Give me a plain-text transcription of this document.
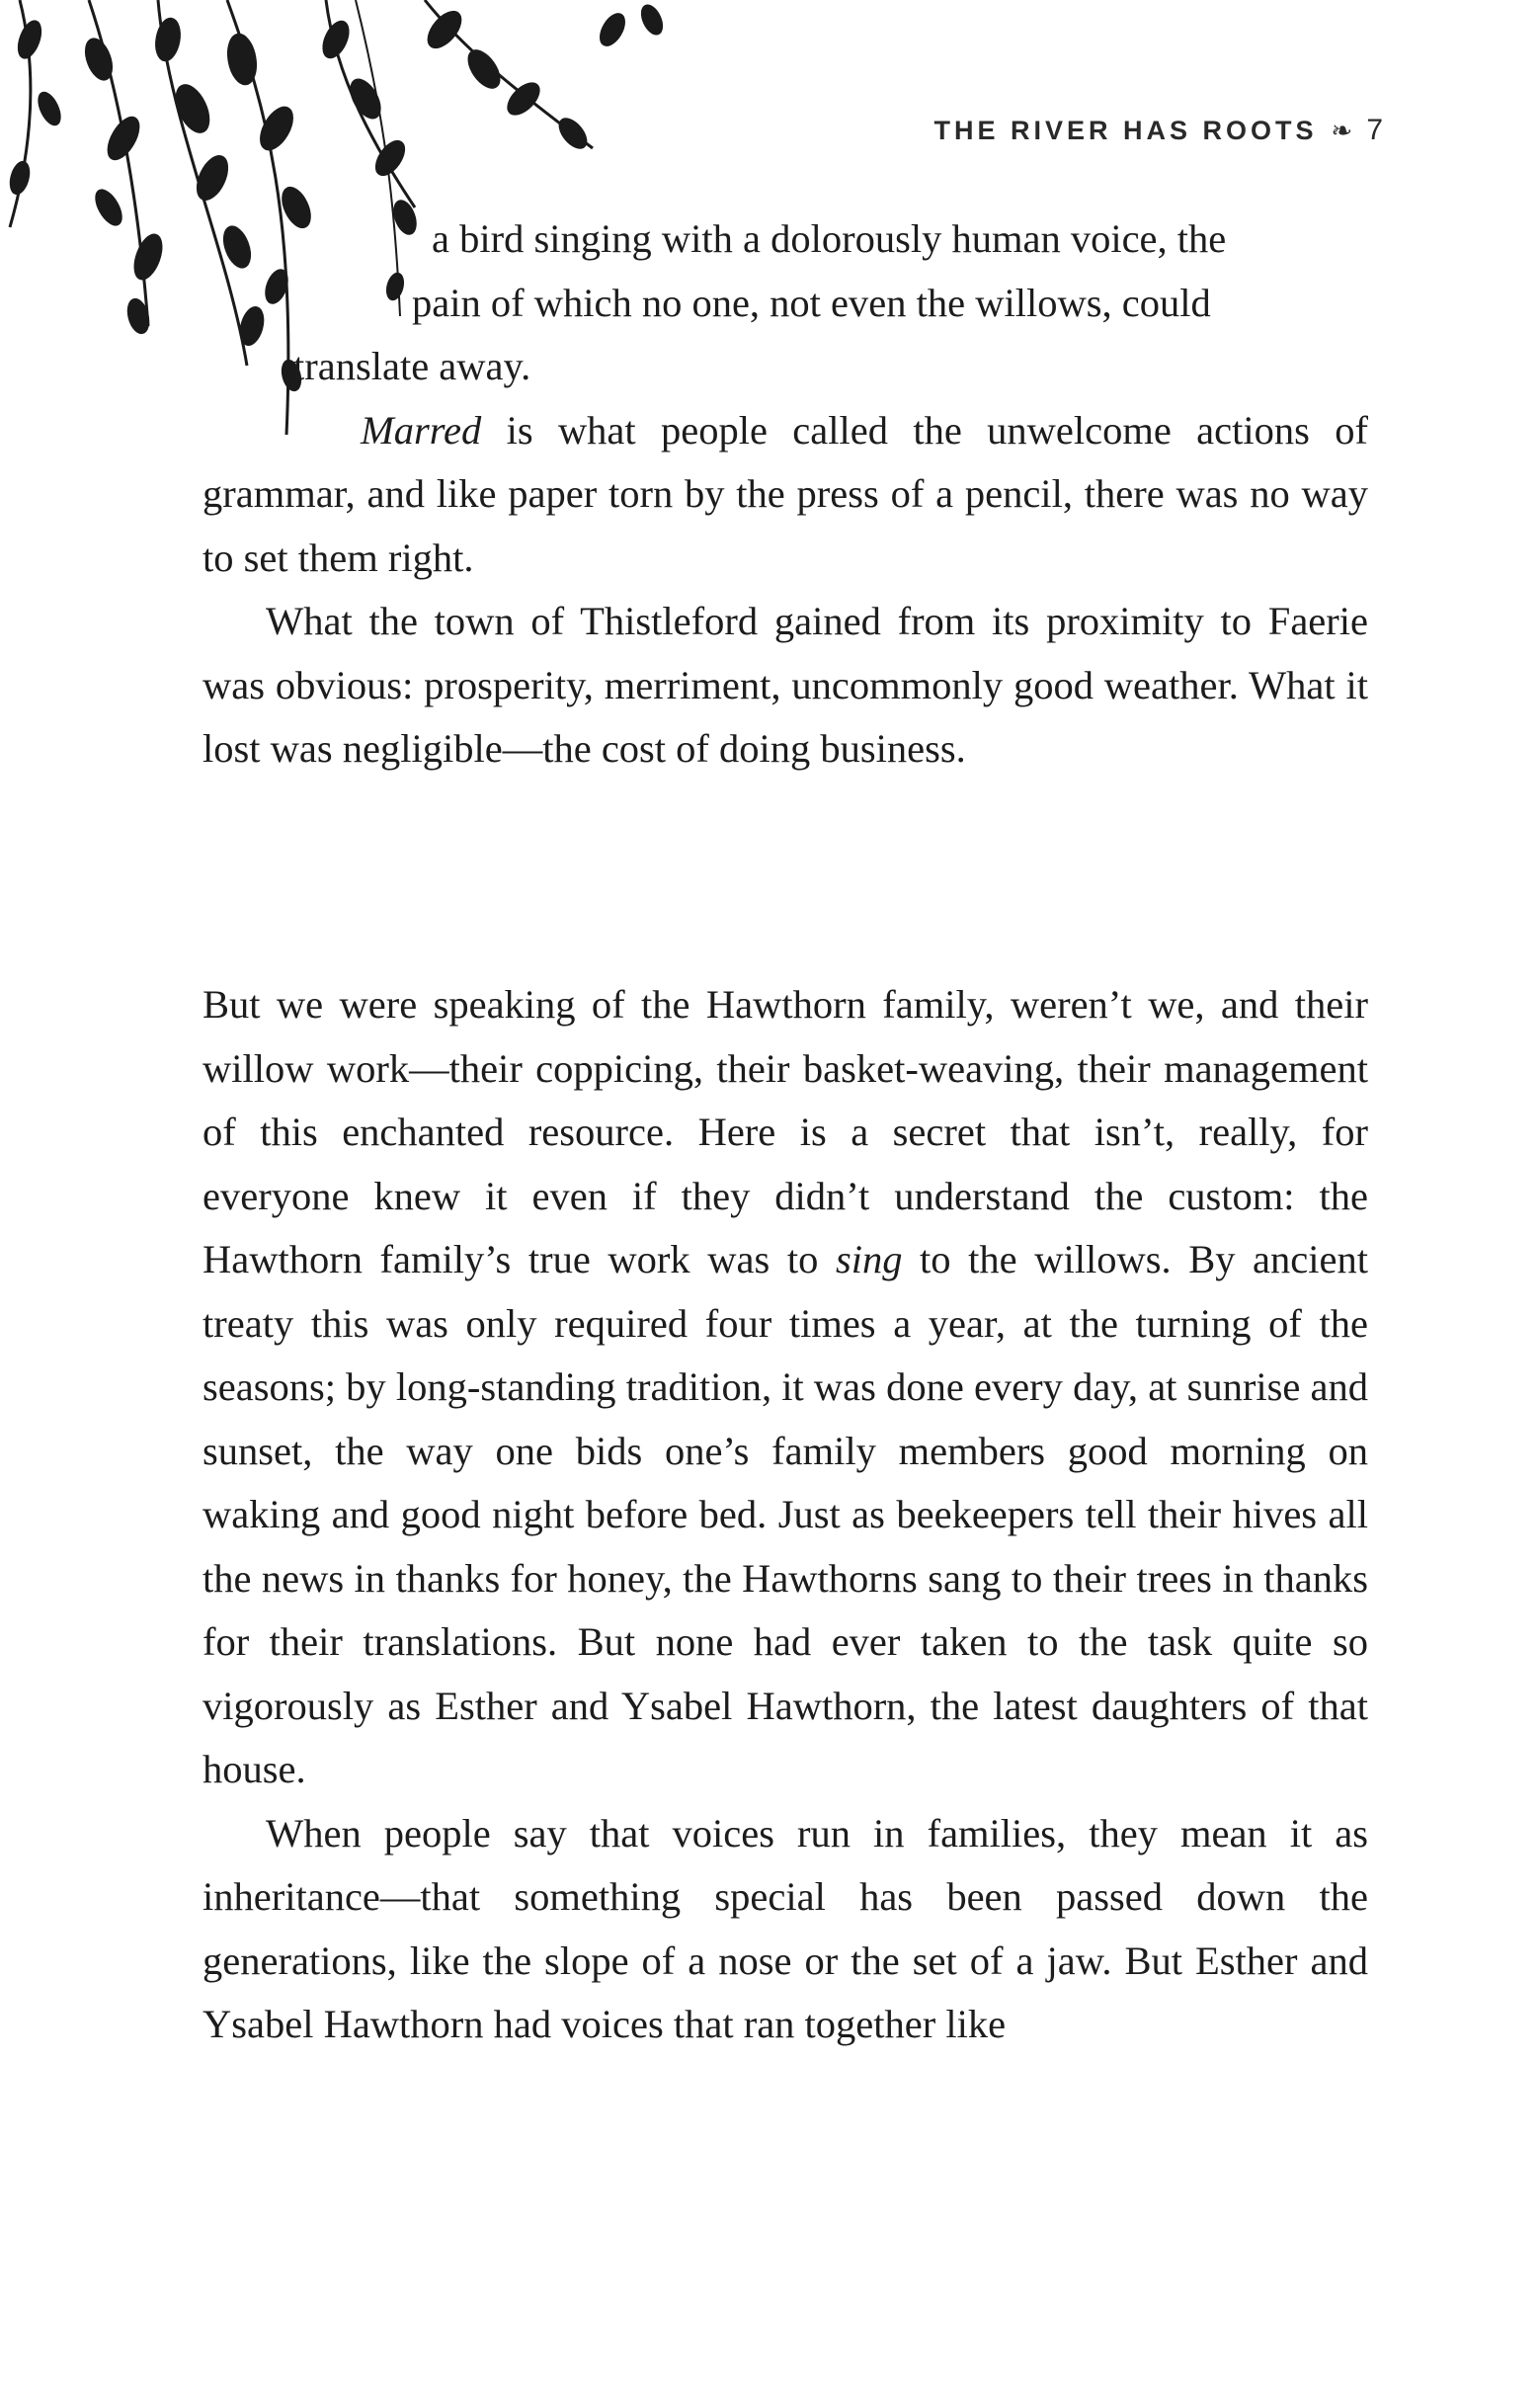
THE RIVER HAS ROOTS ❧ 7

a bird singing with a dolorously human voice, the

pain of which no one, not even the willows, could

translate away.

Marred is what people called the unwelcome actions of grammar, and like paper torn by the press of a pencil, there was no way to set them right.

What the town of Thistleford gained from its proximity to Faerie was obvious: prosperity, merriment, uncommonly good weather. What it lost was negligible—the cost of doing business.

But we were speaking of the Hawthorn family, weren’t we, and their willow work—their coppicing, their basket-weaving, their management of this enchanted resource. Here is a secret that isn’t, really, for everyone knew it even if they didn’t understand the custom: the Hawthorn family’s true work was to sing to the willows. By ancient treaty this was only required four times a year, at the turning of the seasons; by long-standing tradition, it was done every day, at sunrise and sunset, the way one bids one’s family members good morning on waking and good night before bed. Just as beekeepers tell their hives all the news in thanks for honey, the Hawthorns sang to their trees in thanks for their translations. But none had ever taken to the task quite so vigorously as Esther and Ysabel Hawthorn, the latest daughters of that house.

When people say that voices run in families, they mean it as inheritance—that something special has been passed down the generations, like the slope of a nose or the set of a jaw. But Esther and Ysabel Hawthorn had voices that ran together like
